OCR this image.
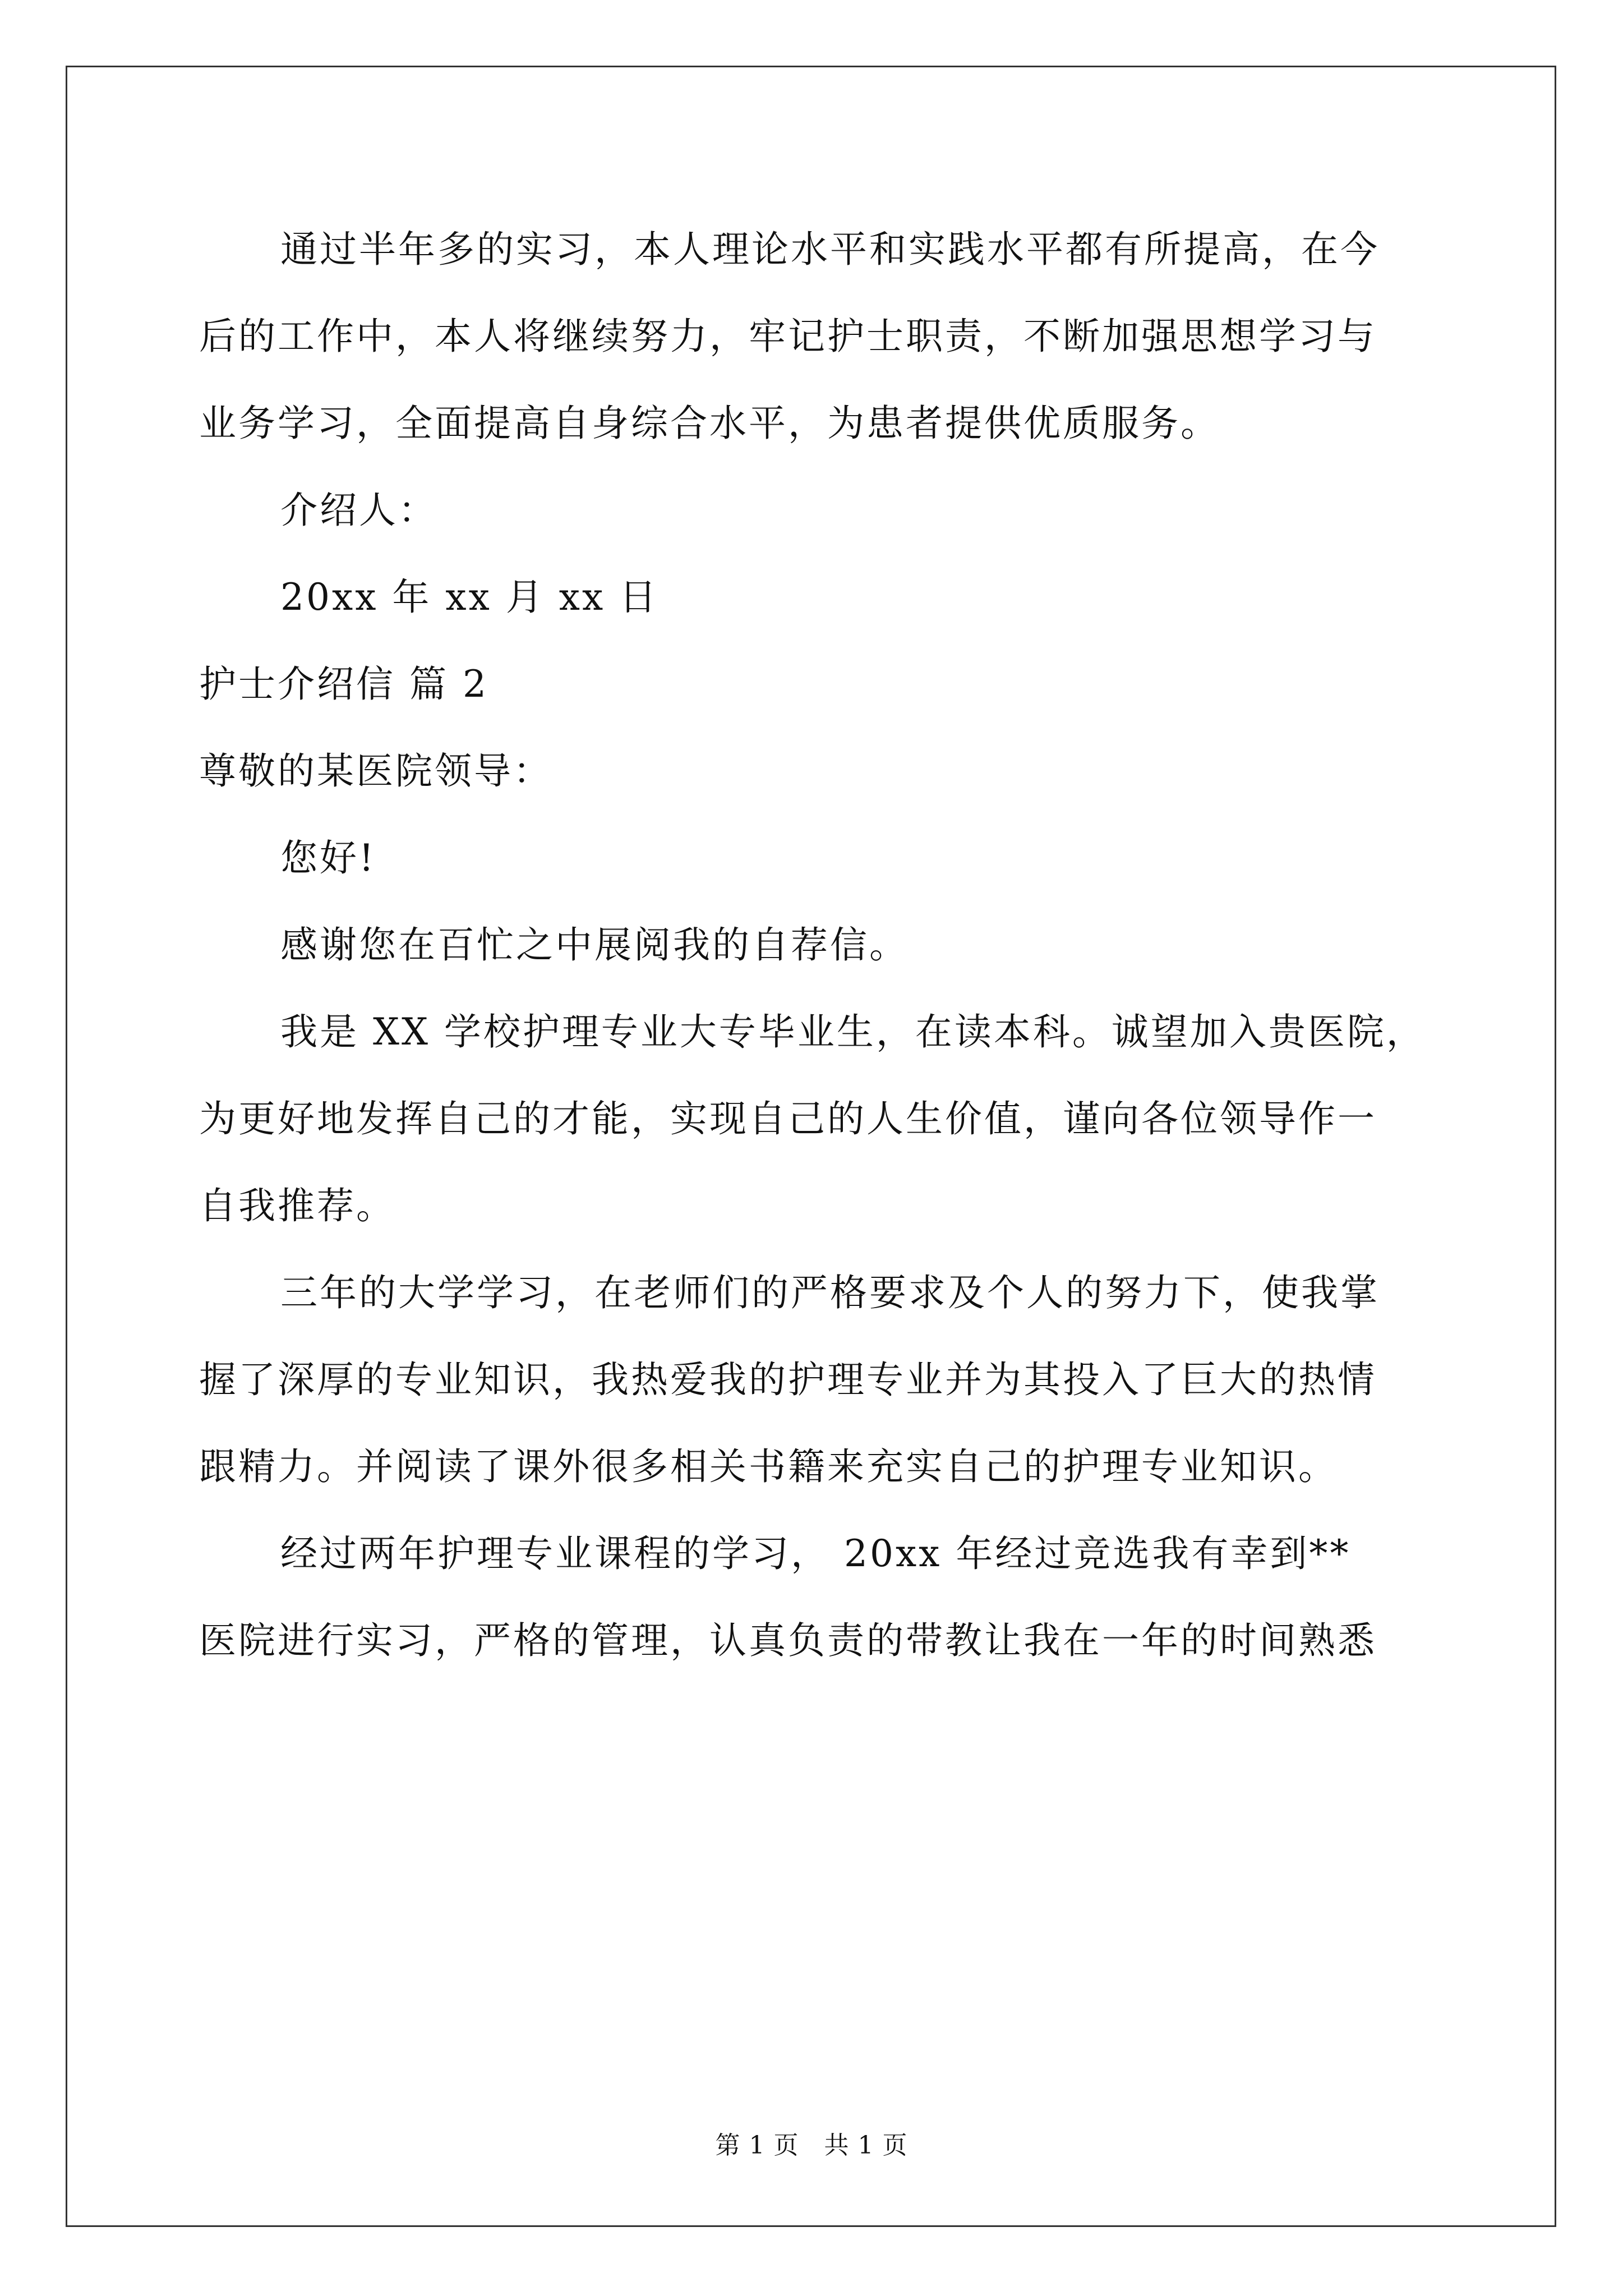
通过半年多的实习，本人理论水平和实践水平都有所提高，在今

后的工作中，本人将继续努力，牢记护士职责，不断加强思想学习与

业务学习，全面提高自身综合水平，为患者提供优质服务。

介绍人：

20xx 年 xx 月 xx 日

护士介绍信 篇 2

尊敬的某医院领导：

您好!

感谢您在百忙之中展阅我的自荐信。

我是 XX 学校护理专业大专毕业生，在读本科。诚望加入贵医院，

为更好地发挥自己的才能，实现自己的人生价值，谨向各位领导作一

自我推荐。

三年的大学学习，在老师们的严格要求及个人的努力下，使我掌

握了深厚的专业知识，我热爱我的护理专业并为其投入了巨大的热情

跟精力。并阅读了课外很多相关书籍来充实自己的护理专业知识。

经过两年护理专业课程的学习， 20xx 年经过竞选我有幸到**

医院进行实习，严格的管理，认真负责的带教让我在一年的时间熟悉

第 1 页　共 1 页
